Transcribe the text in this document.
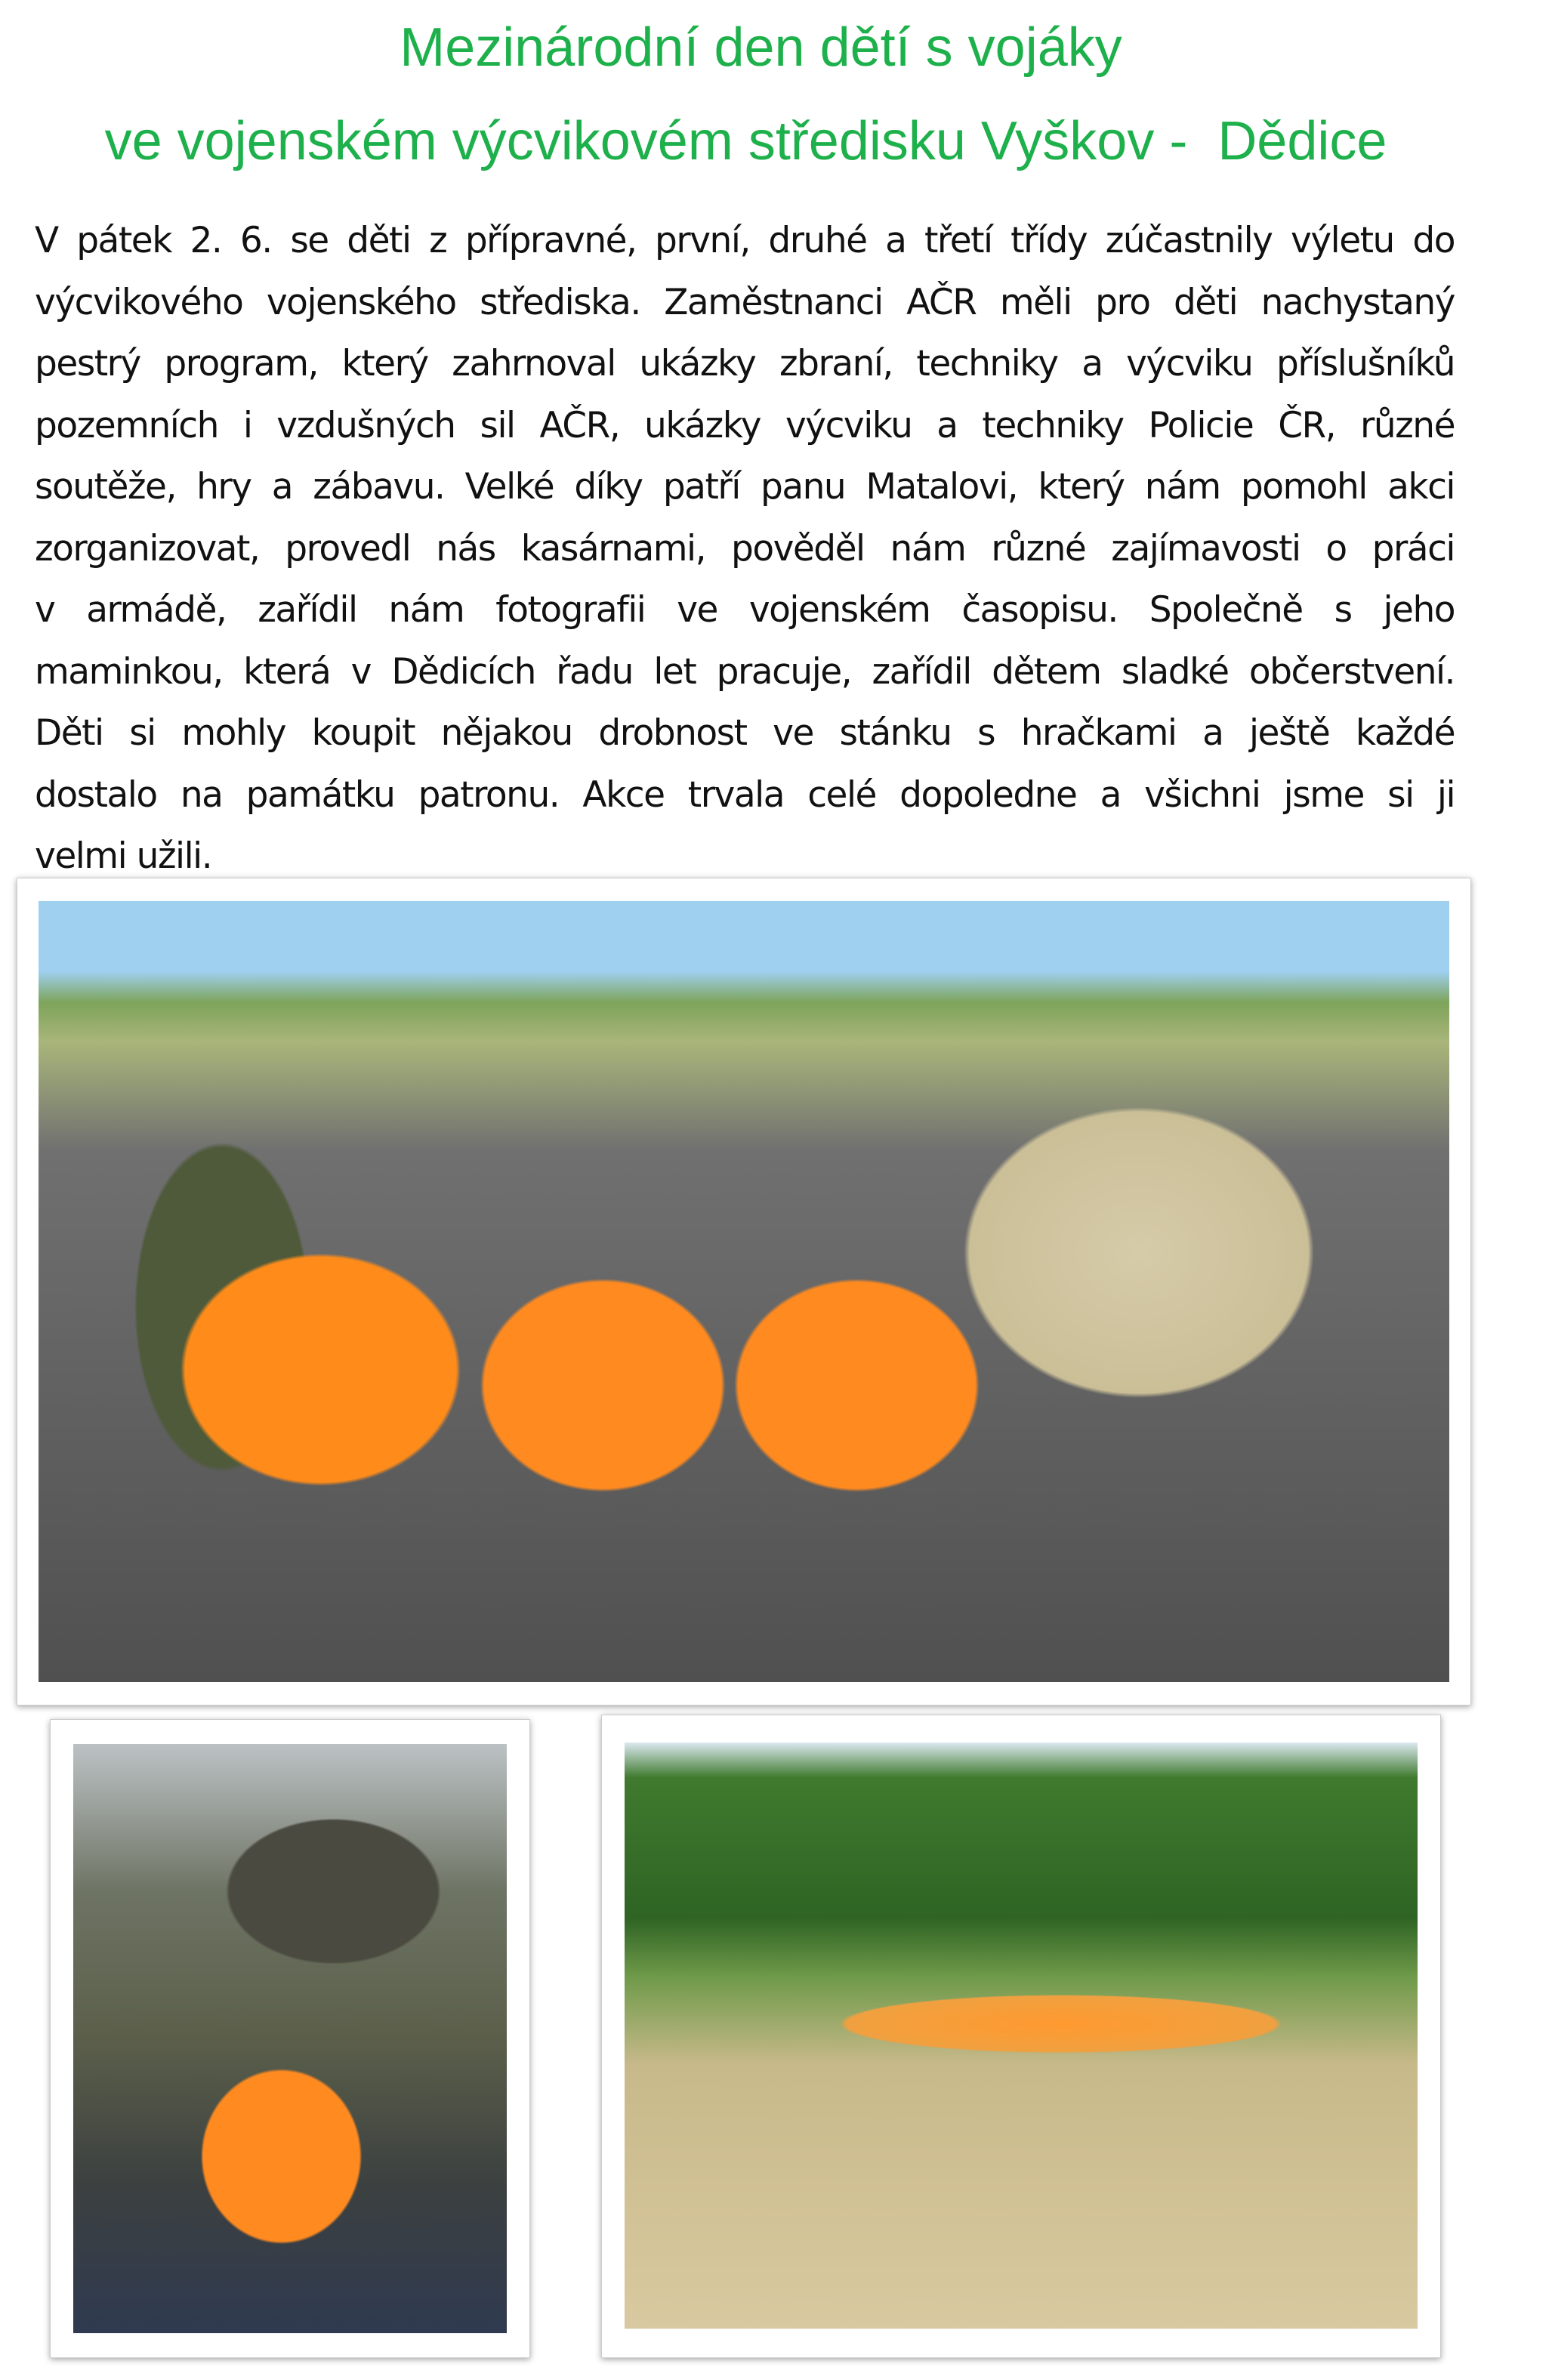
Mezinárodní den dětí s vojáky
ve vojenském výcvikovém středisku Vyškov -  Dědice
V pátek 2. 6. se děti z přípravné, první, druhé a třetí třídy zúčastnily výletu do
výcvikového vojenského střediska. Zaměstnanci AČR měli pro děti nachystaný
pestrý program, který zahrnoval ukázky zbraní, techniky a výcviku příslušníků
pozemních i vzdušných sil AČR, ukázky výcviku a techniky Policie ČR, různé
soutěže, hry a zábavu. Velké díky patří panu Matalovi, který nám pomohl akci
zorganizovat, provedl nás kasárnami, pověděl nám různé zajímavosti o práci
v armádě, zařídil nám fotografii ve vojenském časopisu. Společně s jeho
maminkou, která v Dědicích řadu let pracuje, zařídil dětem sladké občerstvení.
Děti si mohly koupit nějakou drobnost ve stánku s hračkami a ještě každé
dostalo na památku patronu. Akce trvala celé dopoledne a všichni jsme si ji
velmi užili.
